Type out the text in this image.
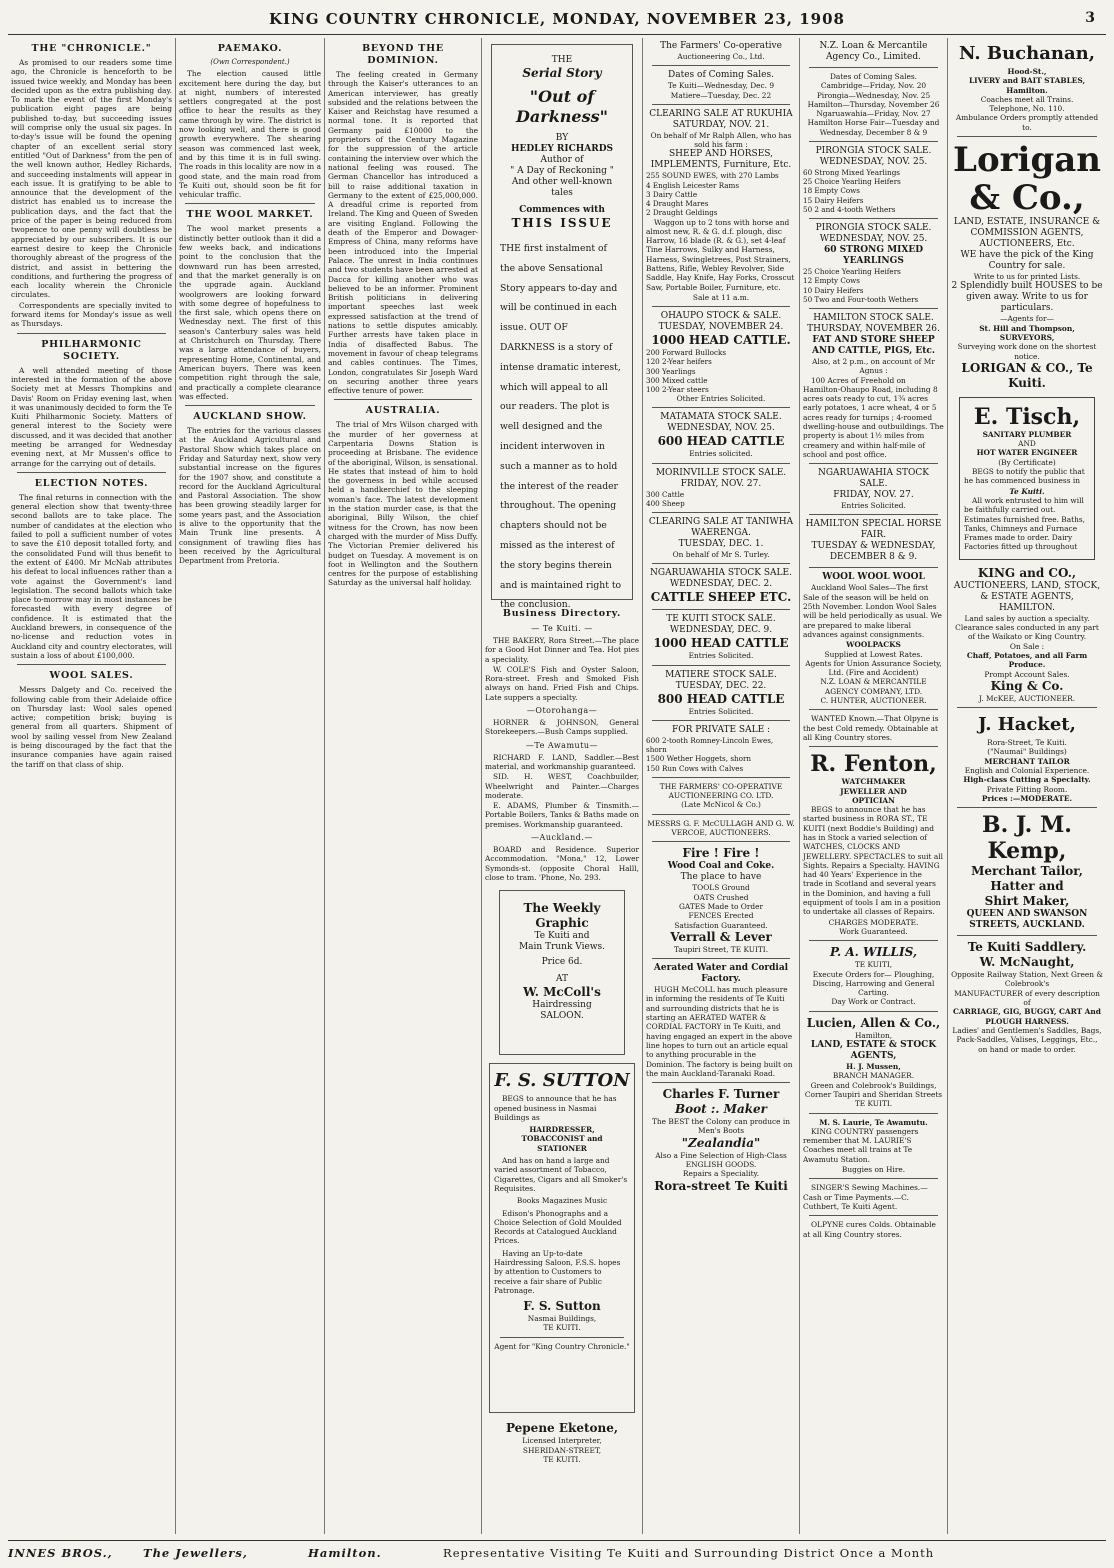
KING COUNTRY CHRONICLE, MONDAY, NOVEMBER 23, 1908	3
THE "CHRONICLE."

As promised to our readers some time ago, the Chronicle is henceforth to be issued twice weekly, and Monday has been decided upon as the extra publishing day. To mark the event of the first Monday's publication eight pages are being published to-day, but succeeding issues will comprise only the usual six pages. In to-day's issue will be found the opening chapter of an excellent serial story entitled "Out of Darkness" from the pen of the well known author, Hedley Richards, and succeeding instalments will appear in each issue. It is gratifying to be able to announce that the development of the district has enabled us to increase the publication days, and the fact that the price of the paper is being reduced from twopence to one penny will doubtless be appreciated by our subscribers. It is our earnest desire to keep the Chronicle thoroughly abreast of the progress of the district, and assist in bettering the conditions, and furthering the progress of each locality wherein the Chronicle circulates.

Correspondents are specially invited to forward items for Monday's issue as well as Thursdays.

PHILHARMONIC SOCIETY.

A well attended meeting of those interested in the formation of the above Society met at Messrs Thompkins and Davis' Room on Friday evening last, when it was unanimously decided to form the Te Kuiti Philharmonic Society. Matters of general interest to the Society were discussed, and it was decided that another meeting be arranged for Wednesday evening next, at Mr Mussen's office to arrange for the carrying out of details.

ELECTION NOTES.

The final returns in connection with the general election show that twenty-three second ballots are to take place. The number of candidates at the election who failed to poll a sufficient number of votes to save the £10 deposit totalled forty, and the consolidated Fund will thus benefit to the extent of £400. Mr McNab attributes his defeat to local influences rather than a vote against the Government's land legislation. The second ballots which take place to-morrow may in most instances be forecasted with every degree of confidence. It is estimated that the Auckland brewers, in consequence of the no-license and reduction votes in Auckland city and country electorates, will sustain a loss of about £100,000.

WOOL SALES.

Messrs Dalgety and Co. received the following cable from their Adelaide office on Thursday last: Wool sales opened active; competition brisk; buying is general from all quarters. Shipment of wool by sailing vessel from New Zealand is being discouraged by the fact that the insurance companies have again raised the tariff on that class of ship.

PAEMAKO.
(Own Correspondent.)

The election caused little excitement here during the day, but at night, numbers of interested settlers congregated at the post office to hear the results as they came through by wire. The district is now looking well, and there is good growth everywhere. The shearing season was commenced last week, and by this time it is in full swing. The roads in this locality are now in a good state, and the main road from Te Kuiti out, should soon be fit for vehicular traffic.

THE WOOL MARKET.

The wool market presents a distinctly better outlook than it did a few weeks back, and indications point to the conclusion that the downward run has been arrested, and that the market generally is on the upgrade again. Auckland woolgrowers are looking forward with some degree of hopefulness to the first sale, which opens there on Wednesday next. The first of this season's Canterbury sales was held at Christchurch on Thursday. There was a large attendance of buyers, representing Home, Continental, and American buyers. There was keen competition right through the sale, and practically a complete clearance was effected.

AUCKLAND SHOW.

The entries for the various classes at the Auckland Agricultural and Pastoral Show which takes place on Friday and Saturday next, show very substantial increase on the figures for the 1907 show, and constitute a record for the Auckland Agricultural and Pastoral Association. The show has been growing steadily larger for some years past, and the Association is alive to the opportunity that the Main Trunk line presents. A consignment of trawling flies has been received by the Agricultural Department from Pretoria.

BEYOND THE DOMINION.

The feeling created in Germany through the Kaiser's utterances to an American interviewer, has greatly subsided and the relations between the Kaiser and Reichstag have resumed a normal tone. It is reported that Germany paid £10000 to the proprietors of the Century Magazine for the suppression of the article containing the interview over which the national feeling was roused. The German Chancellor has introduced a bill to raise additional taxation in Germany to the extent of £25,000,000. A dreadful crime is reported from Ireland. The King and Queen of Sweden are visiting England. Following the death of the Emperor and Dowager-Empress of China, many reforms have been introduced into the Imperial Palace. The unrest in India continues and two students have been arrested at Dacca for killing another who was believed to be an informer. Prominent British politicians in delivering important speeches last week expressed satisfaction at the trend of nations to settle disputes amicably. Further arrests have taken place in India of disaffected Babus. The movement in favour of cheap telegrams and cables continues. The Times, London, congratulates Sir Joseph Ward on securing another three years effective tenure of power.

AUSTRALIA.

The trial of Mrs Wilson charged with the murder of her governess at Carpentaria Downs Station is proceeding at Brisbane. The evidence of the aboriginal, Wilson, is sensational. He states that instead of him to hold the governess in bed while accused held a handkerchief to the sleeping woman's face. The latest development in the station murder case, is that the aboriginal, Billy Wilson, the chief witness for the Crown, has now been charged with the murder of Miss Duffy. The Victorian Premier delivered his budget on Tuesday. A movement is on foot in Wellington and the Southern centres for the purpose of establishing Saturday as the universal half holiday.

THE
Serial Story
"Out of Darkness"
BY
HEDLEY RICHARDS
Author of
" A Day of Reckoning "
And other well-known tales
Commences with
THIS ISSUE
THE first instalment of the above Sensational Story appears to-day and will be continued in each issue. OUT OF DARKNESS is a story of intense dramatic interest, which will appeal to all our readers. The plot is well designed and the incident interwoven in such a manner as to hold the interest of the reader throughout. The opening chapters should not be missed as the interest of the story begins therein and is maintained right to the conclusion.
Business Directory.
— Te Kuiti. —

THE BAKERY, Rora Street.—The place for a Good Hot Dinner and Tea. Hot pies a speciality.

W. COLE'S Fish and Oyster Saloon, Rora-street. Fresh and Smoked Fish always on hand. Fried Fish and Chips. Late suppers a specialty.

—Otorohanga—

HORNER & JOHNSON, General Storekeepers.—Bush Camps supplied.

—Te Awamutu—

RICHARD F. LAND, Saddler.—Best material, and workmanship guaranteed.

SID. H. WEST, Coachbuilder, Wheelwright and Painter.—Charges moderate.

E. ADAMS, Plumber & Tinsmith.—Portable Boilers, Tanks & Baths made on premises. Workmanship guaranteed.

—Auckland.—

BOARD and Residence. Superior Accommodation. "Mona," 12, Lower Symonds-st. (opposite Choral Halll, close to tram. 'Phone, No. 293.

The Weekly
Graphic
Te Kuiti and
Main Trunk Views.
Price 6d.
AT
W. McColl's
Hairdressing
SALOON.
F. S. SUTTON

BEGS to announce that he has opened business in Nasmai Buildings as

HAIRDRESSER,
TOBACCONIST and
STATIONER

And has on hand a large and varied assortment of Tobacco, Cigarettes, Cigars and all Smoker's Requisites.

Books Magazines Music

Edison's Phonographs and a Choice Selection of Gold Moulded Records at Catalogued Auckland Prices.

Having an Up-to-date Hairdressing Saloon, F.S.S. hopes by attention to Customers to receive a fair share of Public Patronage.

F. S. Sutton
Nasmai Buildings,
TE KUITI.
Agent for "King Country Chronicle."
Pepene Eketone,
Licensed Interpreter,
SHERIDAN-STREET,
TE KUITI.
The Farmers' Co-operative
Auctioneering Co., Ltd.
Dates of Coming Sales.
Te Kuiti—Wednesday, Dec. 9
Matiere—Tuesday, Dec. 22
CLEARING SALE AT RUKUHIA
SATURDAY, NOV. 21.
On behalf of Mr Ralph Allen, who has sold his farm :
SHEEP AND HORSES, IMPLEMENTS, Furniture, Etc.
255 SOUND EWES, with 270 Lambs
4 English Leicester Rams
3 Dairy Cattle
4 Draught Mares
2 Draught Geldings

Waggon up to 2 tons with horse and almost new, R. & G. d.f. plough, disc Harrow, 16 blade (R. & G.), set 4-leaf Tine Harrows, Sulky and Harness, Harness, Swingletrees, Post Strainers, Battens, Rifle, Webley Revolver, Side Saddle, Hay Knife, Hay Forks, Crosscut Saw, Portable Boiler, Furniture, etc.

Sale at 11 a.m.
OHAUPO STOCK & SALE.
TUESDAY, NOVEMBER 24.
1000 HEAD CATTLE.
200 Forward Bullocks
120 2-Year heifers
300 Yearlings
300 Mixed cattle
100 2-Year steers
Other Entries Solicited.
MATAMATA STOCK SALE.
WEDNESDAY, NOV. 25.
600 HEAD CATTLE
Entries solicited.
MORINVILLE STOCK SALE.
FRIDAY, NOV. 27.
300 Cattle
400 Sheep
CLEARING SALE AT TANIWHA WAERENGA.
TUESDAY, DEC. 1.
On behalf of Mr S. Turley.
NGARUAWAHIA STOCK SALE.
WEDNESDAY, DEC. 2.
CATTLE SHEEP ETC.
TE KUITI STOCK SALE.
WEDNESDAY, DEC. 9.
1000 HEAD CATTLE
Entries Solicited.
MATIERE STOCK SALE.
TUESDAY, DEC. 22.
800 HEAD CATTLE
Entries Solicited.
FOR PRIVATE SALE :
600 2-tooth Romney-Lincoln Ewes, shorn
1500 Wether Hoggets, shorn
150 Run Cows with Calves
THE FARMERS' CO-OPERATIVE AUCTIONEERING CO. LTD.
(Late McNicol & Co.)
MESSRS G. F. McCULLAGH AND G. W. VERCOE, AUCTIONEERS.
Fire ! Fire !
Wood Coal and Coke.
The place to have
TOOLS Ground
OATS Crushed
GATES Made to Order
FENCES Erected
Satisfaction Guaranteed.
Verrall & Lever
Taupiri Street, TE KUITI.
Aerated Water and Cordial Factory.

HUGH McCOLL has much pleasure in informing the residents of Te Kuiti and surrounding districts that he is starting an AERATED WATER & CORDIAL FACTORY in Te Kuiti, and having engaged an expert in the above line hopes to turn out an article equal to anything procurable in the Dominion. The factory is being built on the main Auckland-Taranaki Road.

Charles F. Turner
Boot :. Maker
The BEST the Colony can produce in Men's Boots
"Zealandia"
Also a Fine Selection of High-Class ENGLISH GOODS.
Repairs a Speciality.
Rora-street Te Kuiti
N.Z. Loan & Mercantile Agency Co., Limited.
Dates of Coming Sales.
Cambridge—Friday, Nov. 20
Pirongia—Wednesday, Nov. 25
Hamilton—Thursday, November 26
Ngaruawahia—Friday, Nov. 27
Hamilton Horse Fair—Tuesday and Wednesday, December 8 & 9
PIRONGIA STOCK SALE.
WEDNESDAY, NOV. 25.
60 Strong Mixed Yearlings
25 Choice Yearling Heifers
18 Empty Cows
15 Dairy Heifers
50 2 and 4-tooth Wethers
PIRONGIA STOCK SALE.
WEDNESDAY, NOV. 25.
60 STRONG MIXED YEARLINGS
25 Choice Yearling Heifers
12 Empty Cows
10 Dairy Heifers
50 Two and Four-tooth Wethers
HAMILTON STOCK SALE.
THURSDAY, NOVEMBER 26.
FAT AND STORE SHEEP AND CATTLE, PIGS, Etc.
Also, at 2 p.m., on account of Mr Agnus :

100 Acres of Freehold on Hamilton-Ohaupo Road, including 8 acres oats ready to cut, 1¾ acres early potatoes, 1 acre wheat, 4 or 5 acres ready for turnips ; 4-roomed dwelling-house and outbuildings. The property is about 1½ miles from creamery and within half-mile of school and post office.

NGARUAWAHIA STOCK SALE.
FRIDAY, NOV. 27.
Entries Solicited.
HAMILTON SPECIAL HORSE FAIR.
TUESDAY & WEDNESDAY, DECEMBER 8 & 9.
WOOL WOOL WOOL

Auckland Wool Sales—The first Sale of the season will be held on 25th November. London Wool Sales will be held periodically as usual. We are prepared to make liberal advances against consignments.

WOOLPACKS
Supplied at Lowest Rates.
Agents for Union Assurance Society, Ltd. (Fire and Accident)
N.Z. LOAN & MERCANTILE AGENCY COMPANY, LTD.
C. HUNTER, AUCTIONEER.

WANTED Known.—That Olpyne is the best Cold remedy. Obtainable at all King Country stores.

R. Fenton,
WATCHMAKER
JEWELLER AND
OPTICIAN

BEGS to announce that he has started business in RORA ST., TE KUITI (next Boddie's Building) and has in Stock a varied selection of WATCHES, CLOCKS AND JEWELLERY. SPECTACLES to suit all Sights. Repairs a Specialty. HAVING had 40 Years' Experience in the trade in Scotland and several years in the Dominion, and having a full equipment of tools I am in a position to undertake all classes of Repairs.

CHARGES MODERATE.
Work Guaranteed.
P. A. WILLIS,
TE KUITI,
Execute Orders for— Ploughing, Discing, Harrowing and General Carting.
Day Work or Contract.
Lucien, Allen & Co.,
Hamilton,
LAND, ESTATE & STOCK AGENTS,
H. J. Mussen,
BRANCH MANAGER.
Green and Colebrook's Buildings, Corner Taupiri and Sheridan Streets TE KUITI.
M. S. Laurie, Te Awamutu.

KING COUNTRY passengers remember that M. LAURIE'S Coaches meet all trains at Te Awamutu Station.

Buggies on Hire.

SINGER'S Sewing Machines.—Cash or Time Payments.—C. Cuthbert, Te Kuiti Agent.

OLPYNE cures Colds. Obtainable at all King Country stores.

N. Buchanan,
Hood-St.,
LIVERY and BAIT STABLES,
Hamilton.
Coaches meet all Trains.
Telephone, No. 110.
Ambulance Orders promptly attended to.
Lorigan
& Co.,
LAND, ESTATE, INSURANCE & COMMISSION AGENTS, AUCTIONEERS, Etc.
WE have the pick of the King Country for sale.
Write to us for printed Lists.
2 Splendidly built HOUSES to be given away. Write to us for particulars.
—Agents for—
St. Hill and Thompson, SURVEYORS,
Surveying work done on the shortest notice.
LORIGAN & CO., Te Kuiti.
E. Tisch,
SANITARY PLUMBER
AND
HOT WATER ENGINEER
(By Certificate)

BEGS to notify the public that he has commenced business in

Te Kuiti.

All work entrusted to him will be faithfully carried out. Estimates furnished free. Baths, Tanks, Chimneys and Furnace Frames made to order. Dairy Factories fitted up throughout

KING and CO.,
AUCTIONEERS, LAND, STOCK, & ESTATE AGENTS, HAMILTON.
Land sales by auction a specialty.
Clearance sales conducted in any part of the Waikato or King Country.
On Sale :
Chaff, Potatoes, and all Farm Produce.
Prompt Account Sales.
King & Co.
J. McKEE, AUCTIONEER.
J. Hacket,
Rora-Street, Te Kuiti.
("Naumai" Buildings)
MERCHANT TAILOR
English and Colonial Experience.
High-class Cutting a Specialty.
Private Fitting Room.
Prices :—MODERATE.
B. J. M. Kemp,
Merchant Tailor,
Hatter and
Shirt Maker,
QUEEN AND SWANSON STREETS, AUCKLAND.
Te Kuiti Saddlery.
W. McNaught,
Opposite Railway Station, Next Green & Colebrook's
MANUFACTURER of every description of
CARRIAGE, GIG, BUGGY, CART And PLOUGH HARNESS.
Ladies' and Gentlemen's Saddles, Bags, Pack-Saddles, Valises, Leggings, Etc., on hand or made to order.
INNES BROS.,	The Jewellers,	Hamilton.	Representative Visiting Te Kuiti and Surrounding District Once a Month
